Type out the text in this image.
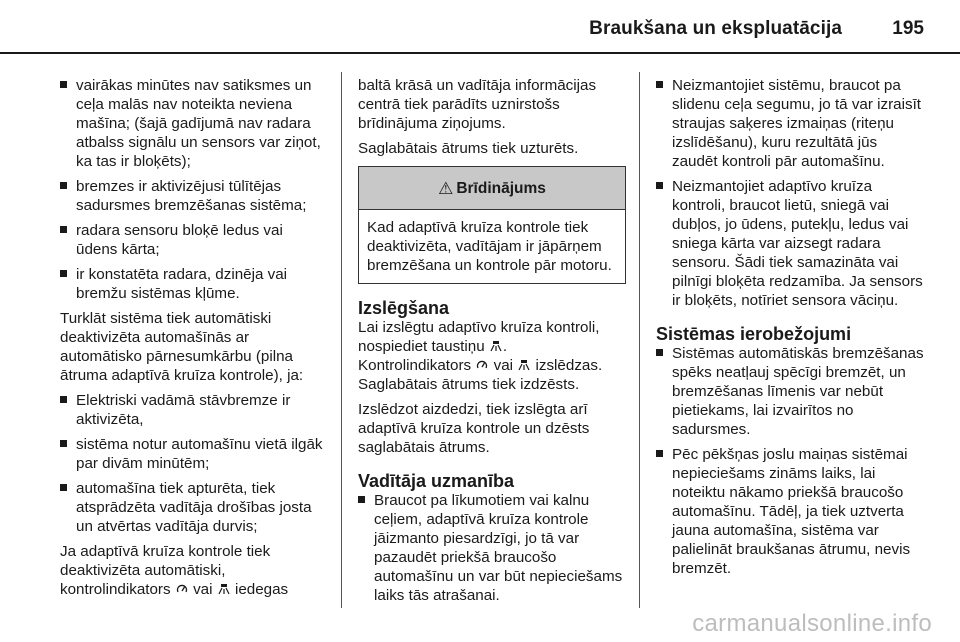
Braukšana un ekspluatācija	195
vairākas minūtes nav satiksmes un ceļa malās nav noteikta neviena mašīna; (šajā gadījumā nav radara atbalss signālu un sensors var ziņot, ka tas ir bloķēts);
bremzes ir aktivizējusi tūlītējas sadursmes bremzēšanas sistēma;
radara sensoru bloķē ledus vai ūdens kārta;
ir konstatēta radara, dzinēja vai bremžu sistēmas kļūme.

Turklāt sistēma tiek automātiski deaktivizēta automašīnās ar automātisko pārnesumkārbu (pilna ātruma adaptīvā kruīza kontrole), ja:

Elektriski vadāmā stāvbremze ir aktivizēta,
sistēma notur automašīnu vietā ilgāk par divām minūtēm;
automašīna tiek apturēta, tiek atsprādzēta vadītāja drošības josta un atvērtas vadītāja durvis;

Ja adaptīvā kruīza kontrole tiek deaktivizēta automātiski, kontrolindikators vai iedegas

baltā krāsā un vadītāja informācijas centrā tiek parādīts uznirstošs brīdinājuma ziņojums.

Saglabātais ātrums tiek uzturēts.

⚠ Brīdinājums
Kad adaptīvā kruīza kontrole tiek deaktivizēta, vadītājam ir jāpārņem bremzēšana un kontrole pār motoru.
Izslēgšana

Lai izslēgtu adaptīvo kruīza kontroli, nospiediet taustiņu .

Kontrolindikators vai izslēdzas. Saglabātais ātrums tiek izdzēsts.

Izslēdzot aizdedzi, tiek izslēgta arī adaptīvā kruīza kontrole un dzēsts saglabātais ātrums.

Vadītāja uzmanība
Braucot pa līkumotiem vai kalnu ceļiem, adaptīvā kruīza kontrole jāizmanto piesardzīgi, jo tā var pazaudēt priekšā braucošo automašīnu un var būt nepieciešams laiks tās atrašanai.
Neizmantojiet sistēmu, braucot pa slidenu ceļa segumu, jo tā var izraisīt straujas saķeres izmaiņas (riteņu izslīdēšanu), kuru rezultātā jūs zaudēt kontroli pār automašīnu.
Neizmantojiet adaptīvo kruīza kontroli, braucot lietū, sniegā vai dubļos, jo ūdens, putekļu, ledus vai sniega kārta var aizsegt radara sensoru. Šādi tiek samazināta vai pilnīgi bloķēta redzamība. Ja sensors ir bloķēts, notīriet sensora vāciņu.
Sistēmas ierobežojumi
Sistēmas automātiskās bremzēšanas spēks neatļauj spēcīgi bremzēt, un bremzēšanas līmenis var nebūt pietiekams, lai izvairītos no sadursmes.
Pēc pēkšņas joslu maiņas sistēmai nepieciešams zināms laiks, lai noteiktu nākamo priekšā braucošo automašīnu. Tādēļ, ja tiek uztverta jauna automašīna, sistēma var palielināt braukšanas ātrumu, nevis bremzēt.
carmanualsonline.info
